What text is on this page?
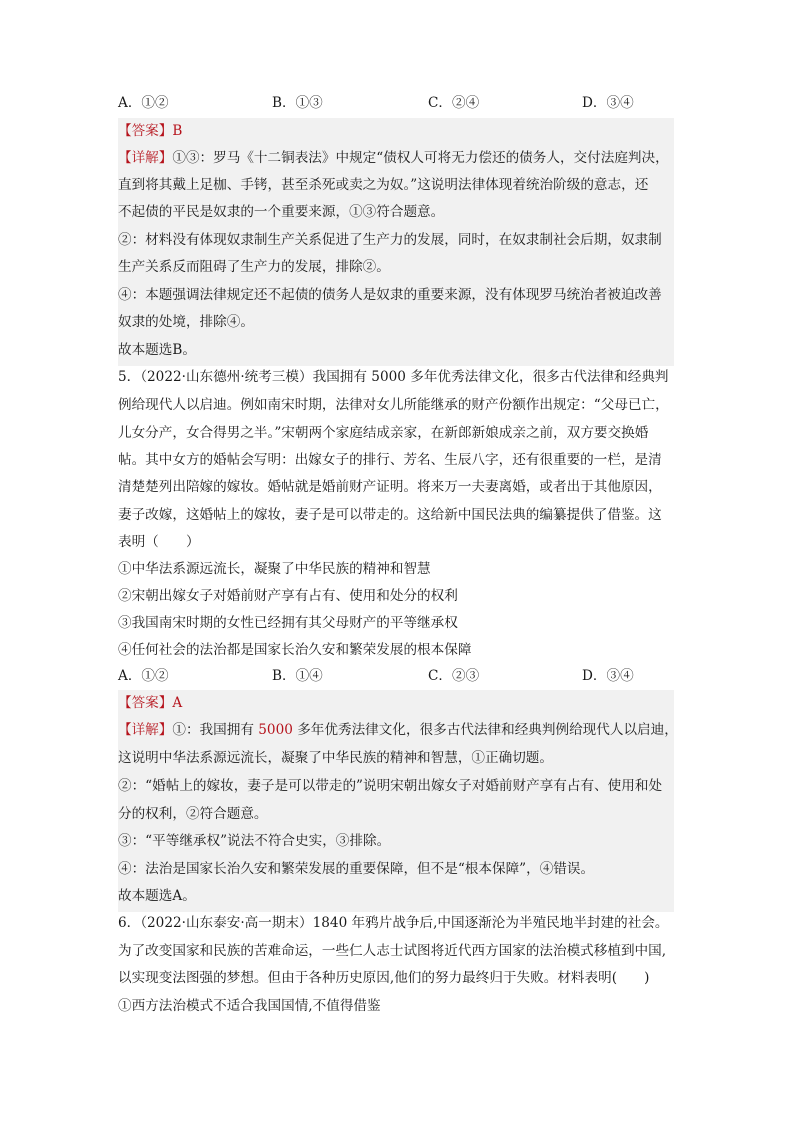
A．①②	B．①③	C．②④	D．③④
【答案】B
【详解】①③：罗马《十二铜表法》中规定“债权人可将无力偿还的债务人，交付法庭判决，
直到将其戴上足枷、手铐，甚至杀死或卖之为奴。”这说明法律体现着统治阶级的意志，还
不起债的平民是奴隶的一个重要来源，①③符合题意。
②：材料没有体现奴隶制生产关系促进了生产力的发展，同时，在奴隶制社会后期，奴隶制
生产关系反而阻碍了生产力的发展，排除②。
④：本题强调法律规定还不起债的债务人是奴隶的重要来源，没有体现罗马统治者被迫改善
奴隶的处境，排除④。
故本题选B。
5．（2022·山东德州·统考三模）我国拥有 5000 多年优秀法律文化，很多古代法律和经典判
例给现代人以启迪。例如南宋时期，法律对女儿所能继承的财产份额作出规定：“父母已亡，
儿女分产，女合得男之半。”宋朝两个家庭结成亲家，在新郎新娘成亲之前，双方要交换婚
帖。其中女方的婚帖会写明：出嫁女子的排行、芳名、生辰八字，还有很重要的一栏，是清
清楚楚列出陪嫁的嫁妆。婚帖就是婚前财产证明。将来万一夫妻离婚，或者出于其他原因，
妻子改嫁，这婚帖上的嫁妆，妻子是可以带走的。这给新中国民法典的编纂提供了借鉴。这
表明（　　）
①中华法系源远流长，凝聚了中华民族的精神和智慧
②宋朝出嫁女子对婚前财产享有占有、使用和处分的权利
③我国南宋时期的女性已经拥有其父母财产的平等继承权
④任何社会的法治都是国家长治久安和繁荣发展的根本保障
A．①②	B．①④	C．②③	D．③④
【答案】A
【详解】①：我国拥有 5000 多年优秀法律文化，很多古代法律和经典判例给现代人以启迪，
这说明中华法系源远流长，凝聚了中华民族的精神和智慧，①正确切题。
②：“婚帖上的嫁妆，妻子是可以带走的”说明宋朝出嫁女子对婚前财产享有占有、使用和处
分的权利，②符合题意。
③：“平等继承权”说法不符合史实，③排除。
④：法治是国家长治久安和繁荣发展的重要保障，但不是“根本保障”，④错误。
故本题选A。
6．（2022·山东泰安·高一期末）1840 年鸦片战争后,中国逐渐沦为半殖民地半封建的社会。
为了改变国家和民族的苦难命运，一些仁人志士试图将近代西方国家的法治模式移植到中国,
以实现变法图强的梦想。但由于各种历史原因,他们的努力最终归于失败。材料表明(　　)
①西方法治模式不适合我国国情,不值得借鉴
